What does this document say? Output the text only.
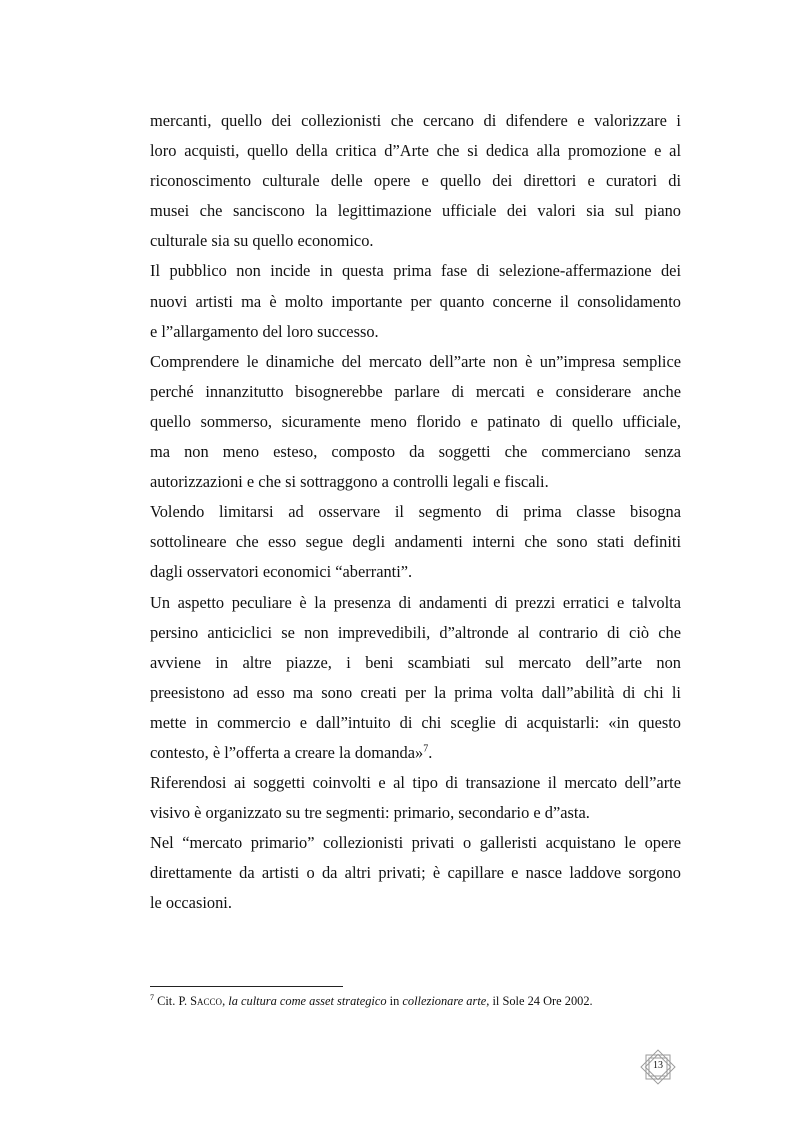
mercanti, quello dei collezionisti che cercano di difendere e valorizzare i
loro acquisti, quello della critica d”Arte che si dedica alla promozione e al
riconoscimento culturale delle opere e quello dei direttori e curatori di
musei che sanciscono la legittimazione ufficiale dei valori sia sul piano
culturale sia su quello economico.

Il pubblico non incide in questa prima fase di selezione-affermazione dei
nuovi artisti ma è molto importante per quanto concerne il consolidamento
e l”allargamento del loro successo.

Comprendere le dinamiche del mercato dell”arte non è un”impresa semplice
perché innanzitutto bisognerebbe parlare di mercati e considerare anche
quello sommerso, sicuramente meno florido e patinato di quello ufficiale,
ma non meno esteso, composto da soggetti che commerciano senza
autorizzazioni e che si sottraggono a controlli legali e fiscali.

Volendo limitarsi ad osservare il segmento di prima classe bisogna
sottolineare che esso segue degli andamenti interni che sono stati definiti
dagli osservatori economici “aberranti”.

Un aspetto peculiare è la presenza di andamenti di prezzi erratici e talvolta
persino anticiclici se non imprevedibili, d”altronde al contrario di ciò che
avviene in altre piazze, i beni scambiati sul mercato dell”arte non
preesistono ad esso ma sono creati per la prima volta dall”abilità di chi li
mette in commercio e dall”intuito di chi sceglie di acquistarli: «in questo
contesto, è l”offerta a creare la domanda»$^7$.

Riferendosi ai soggetti coinvolti e al tipo di transazione il mercato dell”arte
visivo è organizzato su tre segmenti: primario, secondario e d”asta.

Nel “mercato primario” collezionisti privati o galleristi acquistano le opere
direttamente da artisti o da altri privati; è capillare e nasce laddove sorgono
le occasioni.

$^7$ Cit. P. Sacco, la cultura come asset strategico in collezionare arte, il Sole 24 Ore 2002.
13
